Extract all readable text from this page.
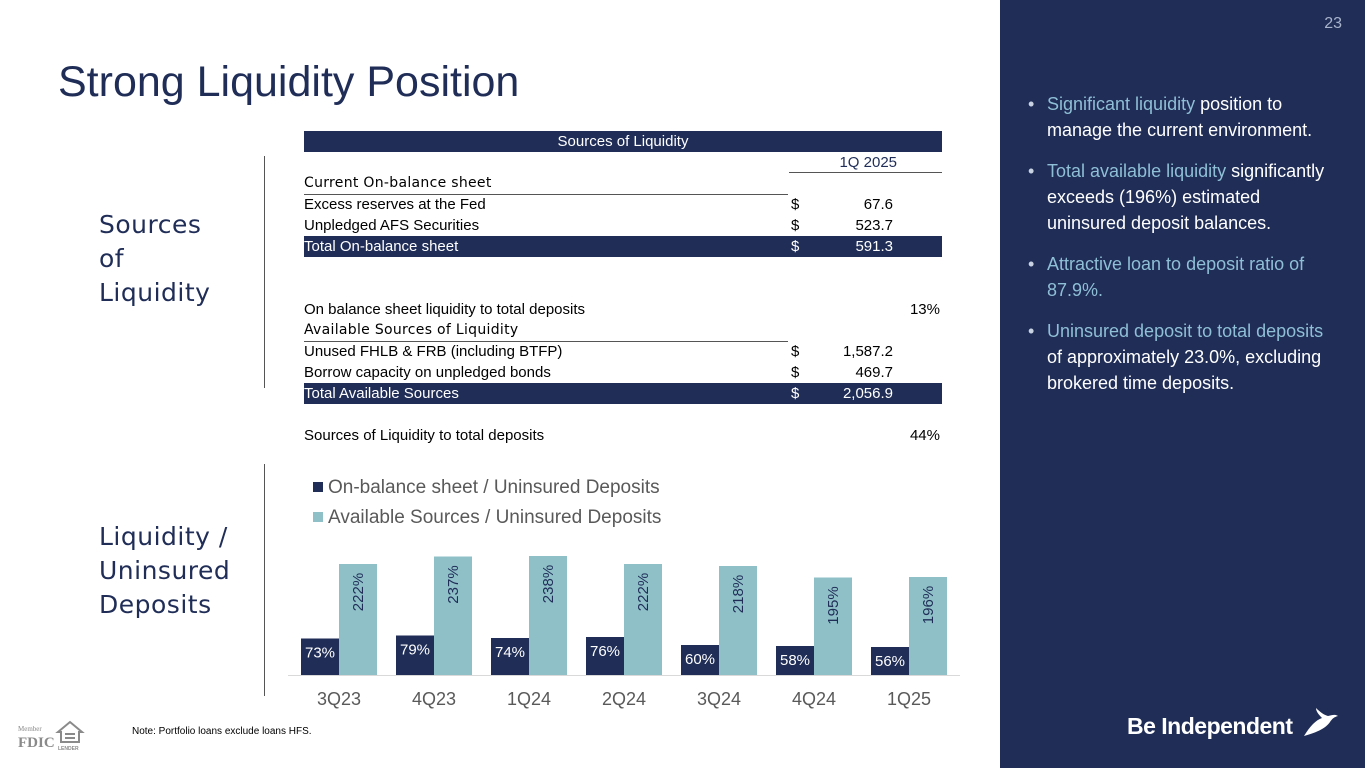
Strong Liquidity Position
Sources
of
Liquidity
Liquidity /
Uninsured
Deposits
Sources of Liquidity
1Q 2025
Current On-balance sheet
Excess reserves at the Fed	$	67.6
Unpledged AFS Securities	$	523.7
Total On-balance sheet	$	591.3
On balance sheet liquidity to total deposits	13%
Available Sources of Liquidity
Unused FHLB & FRB (including BTFP)	$	1,587.2
Borrow capacity on unpledged bonds	$	469.7
Total Available Sources	$	2,056.9
Sources of Liquidity to total deposits	44%
On-balance sheet / Uninsured Deposits
Available Sources / Uninsured Deposits
73%
222%
3Q23
79%
237%
4Q23
74%
238%
1Q24
76%
222%
2Q24
60%
218%
3Q24
58%
195%
4Q24
56%
196%
1Q25
23
• Significant liquidity position to manage the current environment.
• Total available liquidity significantly exceeds (196%) estimated uninsured deposit balances.
• Attractive loan to deposit ratio of 87.9%.
• Uninsured deposit to total deposits of approximately 23.0%, excluding brokered time deposits.
Be Independent
Note: Portfolio loans exclude loans HFS.
Member
FDIC LENDER
